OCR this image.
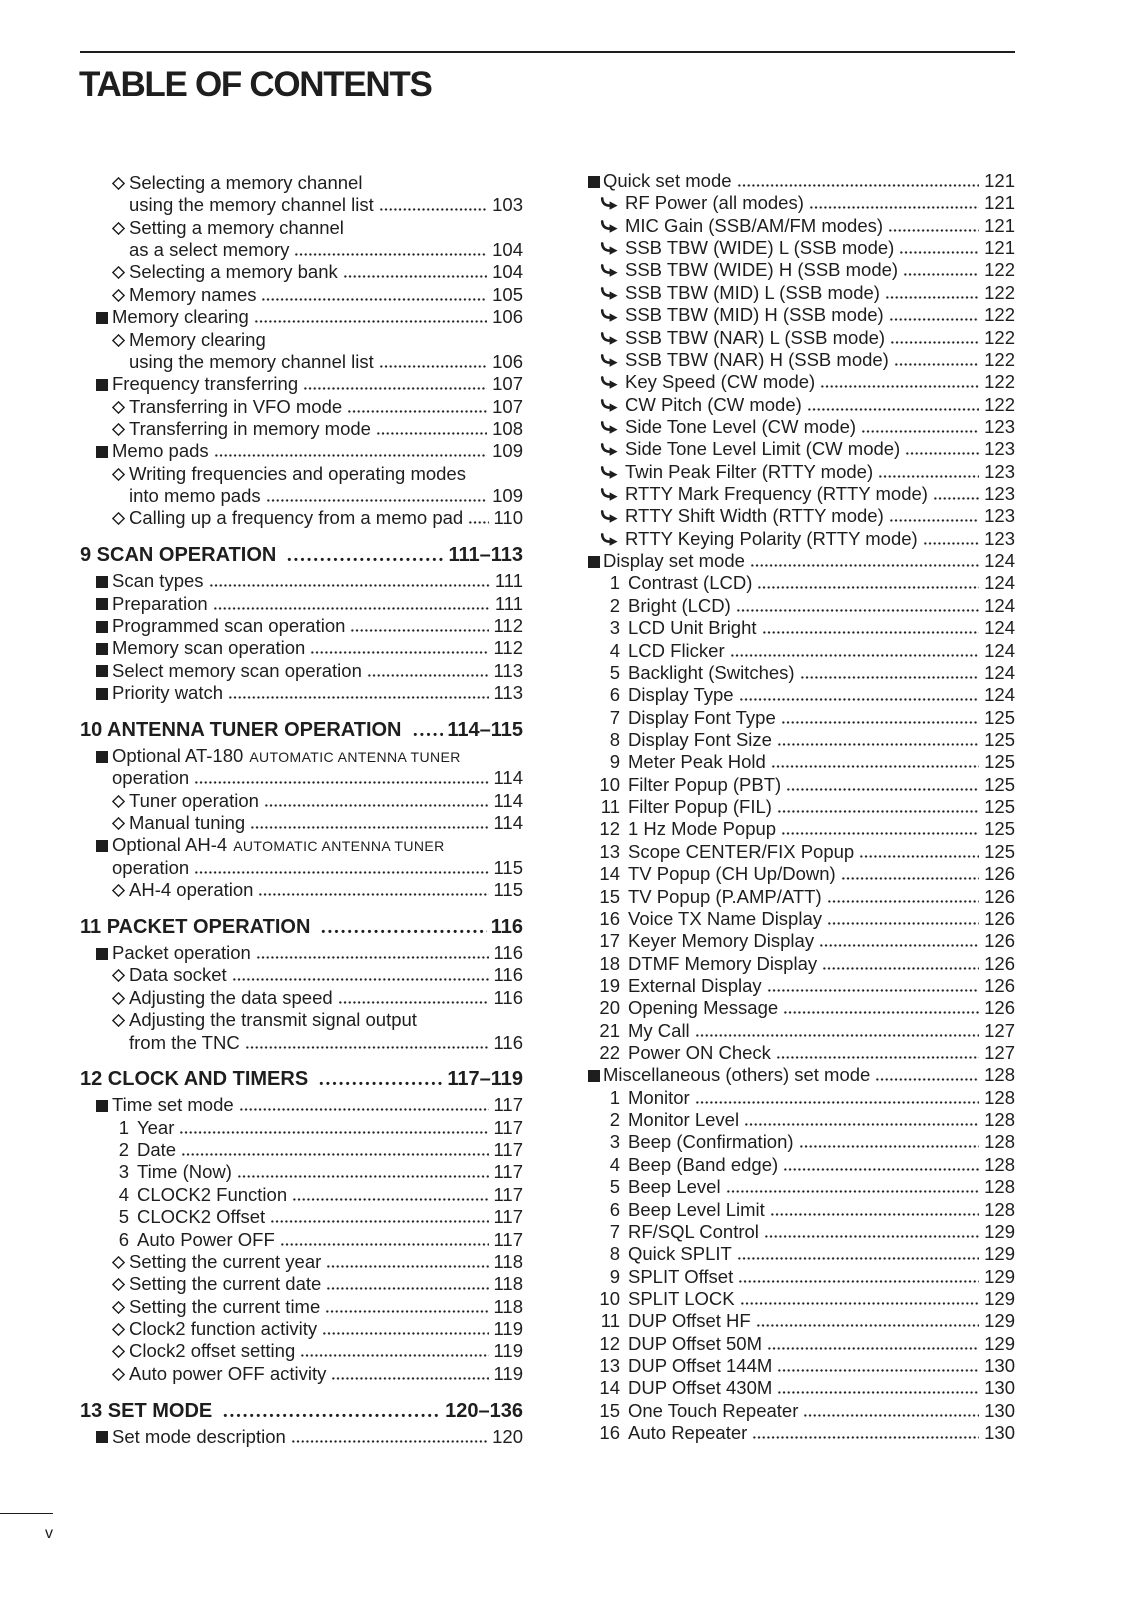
TABLE OF CONTENTS
Selecting a memory channel
using the memory channel list	103
Setting a memory channel
as a select memory	104
Selecting a memory bank	104
Memory names	105
Memory clearing	106
Memory clearing
using the memory channel list	106
Frequency transferring	107
Transferring in VFO mode	107
Transferring in memory mode	108
Memo pads	109
Writing frequencies and operating modes
into memo pads	109
Calling up a frequency from a memo pad 110
9 SCAN OPERATION	111–113
Scan types	111
Preparation	111
Programmed scan operation	112
Memory scan operation	112
Select memory scan operation	113
Priority watch	113
10 ANTENNA TUNER OPERATION 114–115
Optional AT-180 AUTOMATIC ANTENNA TUNER
operation	114
Tuner operation	114
Manual tuning	114
Optional AH-4 AUTOMATIC ANTENNA TUNER
operation	115
AH-4 operation	115
11 PACKET OPERATION	116
Packet operation	116
Data socket	116
Adjusting the data speed	116
Adjusting the transmit signal output
from the TNC	116
12 CLOCK AND TIMERS	117–119
Time set mode	117
1 Year	117
2 Date	117
3 Time (Now)	117
4 CLOCK2 Function	117
5 CLOCK2 Offset	117
6 Auto Power OFF	117
Setting the current year	118
Setting the current date	118
Setting the current time	118
Clock2 function activity	119
Clock2 offset setting	119
Auto power OFF activity	119
13 SET MODE	120–136
Set mode description	120
Quick set mode	121
RF Power (all modes)	121
MIC Gain (SSB/AM/FM modes)	121
SSB TBW (WIDE) L (SSB mode)	121
SSB TBW (WIDE) H (SSB mode)	122
SSB TBW (MID) L (SSB mode)	122
SSB TBW (MID) H (SSB mode)	122
SSB TBW (NAR) L (SSB mode)	122
SSB TBW (NAR) H (SSB mode)	122
Key Speed (CW mode)	122
CW Pitch (CW mode)	122
Side Tone Level (CW mode)	123
Side Tone Level Limit (CW mode)	123
Twin Peak Filter (RTTY mode)	123
RTTY Mark Frequency (RTTY mode)	123
RTTY Shift Width (RTTY mode)	123
RTTY Keying Polarity (RTTY mode)	123
Display set mode	124
1 Contrast (LCD)	124
2 Bright (LCD)	124
3 LCD Unit Bright	124
4 LCD Flicker	124
5 Backlight (Switches)	124
6 Display Type	124
7 Display Font Type	125
8 Display Font Size	125
9 Meter Peak Hold	125
10 Filter Popup (PBT)	125
11 Filter Popup (FIL)	125
12 1 Hz Mode Popup	125
13 Scope CENTER/FIX Popup	125
14 TV Popup (CH Up/Down)	126
15 TV Popup (P.AMP/ATT)	126
16 Voice TX Name Display	126
17 Keyer Memory Display	126
18 DTMF Memory Display	126
19 External Display	126
20 Opening Message	126
21 My Call	127
22 Power ON Check	127
Miscellaneous (others) set mode	128
1 Monitor	128
2 Monitor Level	128
3 Beep (Confirmation)	128
4 Beep (Band edge)	128
5 Beep Level	128
6 Beep Level Limit	128
7 RF/SQL Control	129
8 Quick SPLIT	129
9 SPLIT Offset	129
10 SPLIT LOCK	129
11 DUP Offset HF	129
12 DUP Offset 50M	129
13 DUP Offset 144M	130
14 DUP Offset 430M	130
15 One Touch Repeater	130
16 Auto Repeater	130
v
